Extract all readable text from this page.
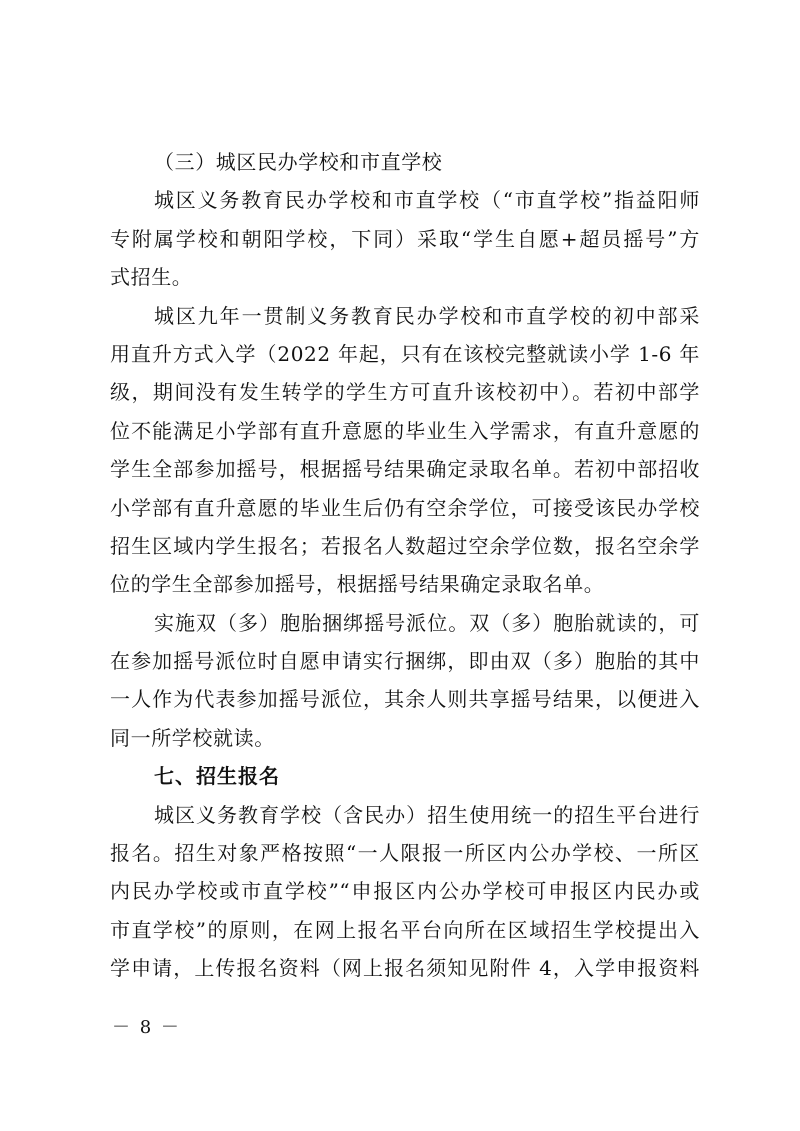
（三）城区民办学校和市直学校
城区义务教育民办学校和市直学校（“市直学校”指益阳师
专附属学校和朝阳学校，下同）采取“学生自愿+超员摇号”方
式招生。
城区九年一贯制义务教育民办学校和市直学校的初中部采
用直升方式入学（2022 年起，只有在该校完整就读小学 1-6 年
级，期间没有发生转学的学生方可直升该校初中）。若初中部学
位不能满足小学部有直升意愿的毕业生入学需求，有直升意愿的
学生全部参加摇号，根据摇号结果确定录取名单。若初中部招收
小学部有直升意愿的毕业生后仍有空余学位，可接受该民办学校
招生区域内学生报名；若报名人数超过空余学位数，报名空余学
位的学生全部参加摇号，根据摇号结果确定录取名单。
实施双（多）胞胎捆绑摇号派位。双（多）胞胎就读的，可
在参加摇号派位时自愿申请实行捆绑，即由双（多）胞胎的其中
一人作为代表参加摇号派位，其余人则共享摇号结果，以便进入
同一所学校就读。
七、招生报名
城区义务教育学校（含民办）招生使用统一的招生平台进行
报名。招生对象严格按照“一人限报一所区内公办学校、一所区
内民办学校或市直学校”“申报区内公办学校可申报区内民办或
市直学校”的原则，在网上报名平台向所在区域招生学校提出入
学申请，上传报名资料（网上报名须知见附件 4，入学申报资料
－ 8 －
